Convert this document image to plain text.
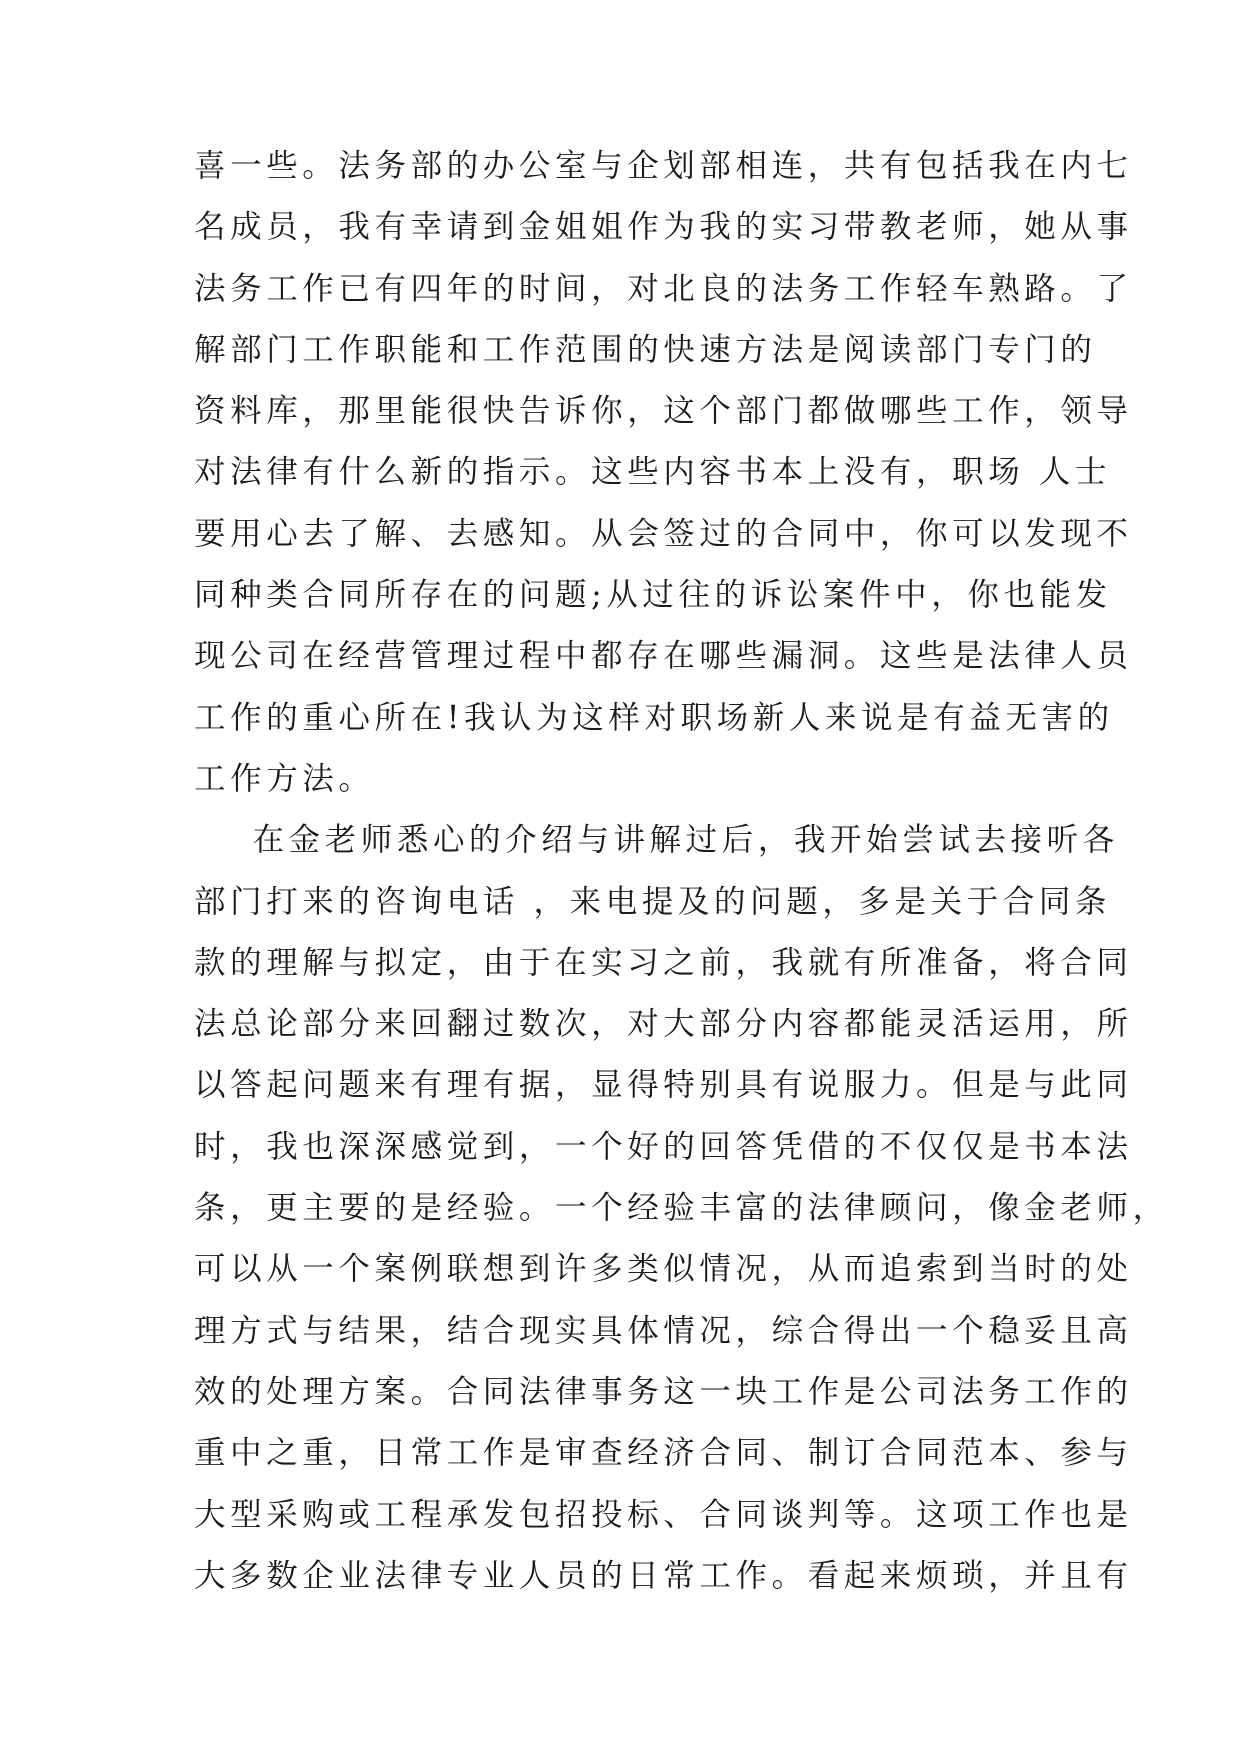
喜一些。法务部的办公室与企划部相连，共有包括我在内七
名成员，我有幸请到金姐姐作为我的实习带教老师，她从事
法务工作已有四年的时间，对北良的法务工作轻车熟路。了
解部门工作职能和工作范围的快速方法是阅读部门专门的
资料库，那里能很快告诉你，这个部门都做哪些工作，领导
对法律有什么新的指示。这些内容书本上没有，职场 人士
要用心去了解、去感知。从会签过的合同中，你可以发现不
同种类合同所存在的问题;从过往的诉讼案件中，你也能发
现公司在经营管理过程中都存在哪些漏洞。这些是法律人员
工作的重心所在!我认为这样对职场新人来说是有益无害的
工作方法。
在金老师悉心的介绍与讲解过后，我开始尝试去接听各
部门打来的咨询电话 ，来电提及的问题，多是关于合同条
款的理解与拟定，由于在实习之前，我就有所准备，将合同
法总论部分来回翻过数次，对大部分内容都能灵活运用，所
以答起问题来有理有据，显得特别具有说服力。但是与此同
时，我也深深感觉到，一个好的回答凭借的不仅仅是书本法
条，更主要的是经验。一个经验丰富的法律顾问，像金老师，
可以从一个案例联想到许多类似情况，从而追索到当时的处
理方式与结果，结合现实具体情况，综合得出一个稳妥且高
效的处理方案。合同法律事务这一块工作是公司法务工作的
重中之重，日常工作是审查经济合同、制订合同范本、参与
大型采购或工程承发包招投标、合同谈判等。这项工作也是
大多数企业法律专业人员的日常工作。看起来烦琐，并且有
